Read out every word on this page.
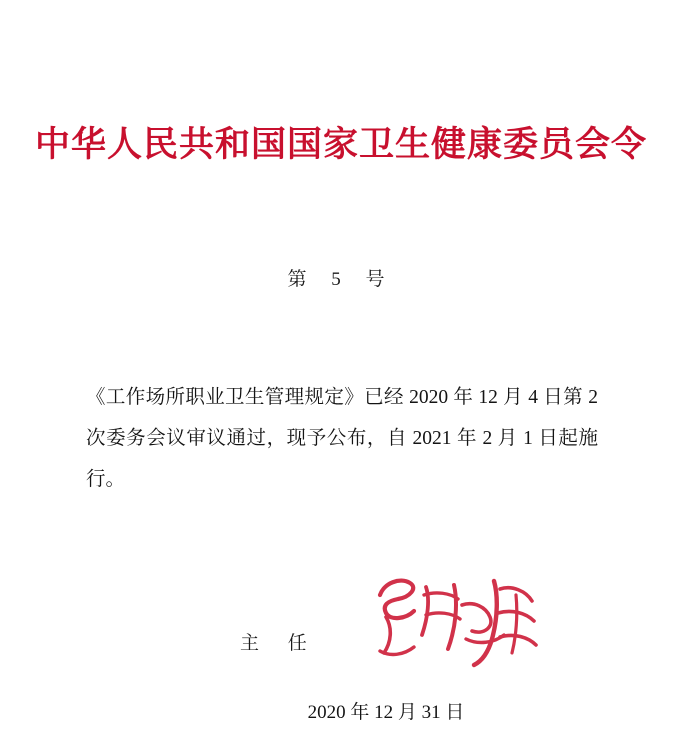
中华人民共和国国家卫生健康委员会令
第 5 号
《工作场所职业卫生管理规定》已经 2020 年 12 月 4 日第 2 次委务会议审议通过，现予公布，自 2021 年 2 月 1 日起施行。
主 任
2020 年 12 月 31 日
